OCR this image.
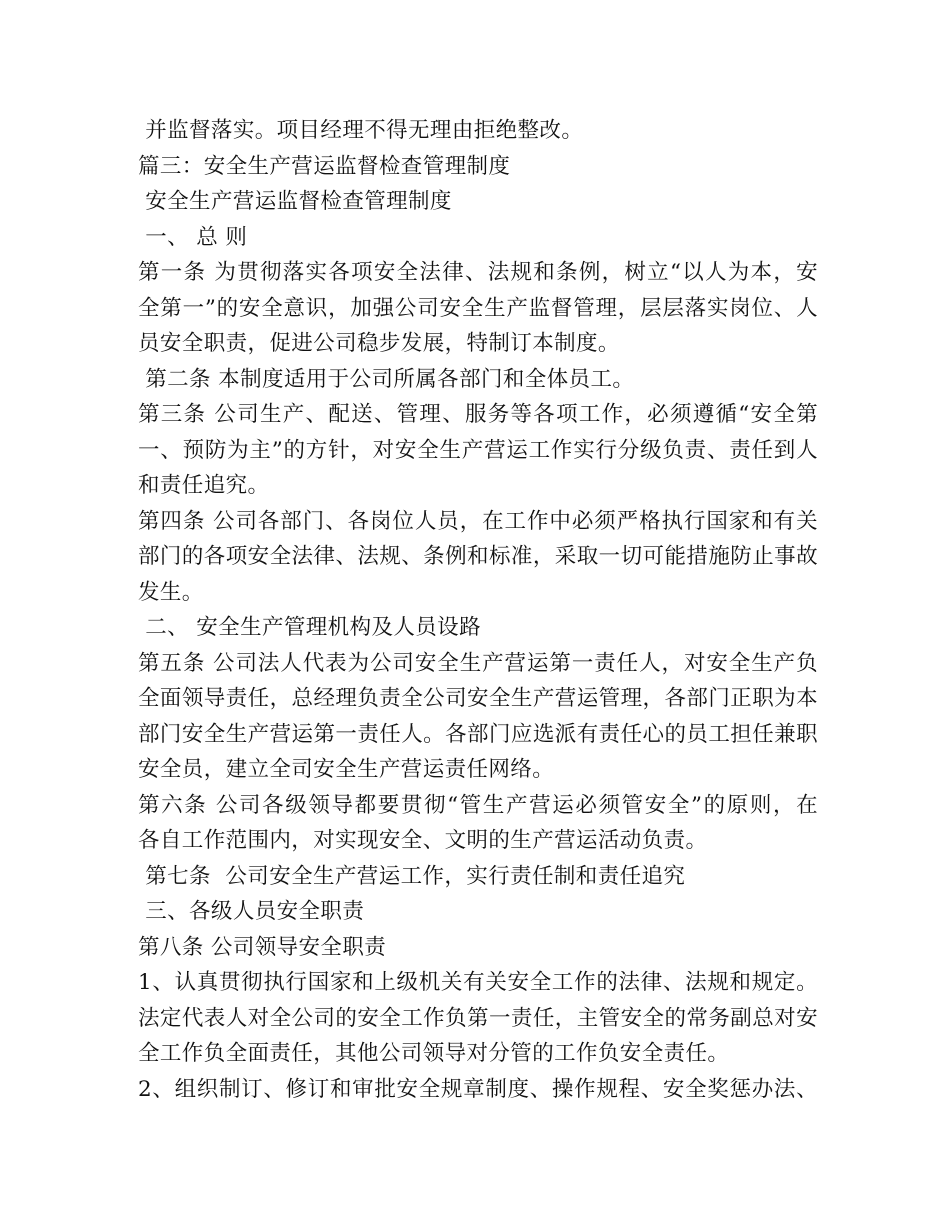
并监督落实。项目经理不得无理由拒绝整改。
篇三：安全生产营运监督检查管理制度
安全生产营运监督检查管理制度
一、 总 则
第一条 为贯彻落实各项安全法律、法规和条例，树立“以人为本，安
全第一”的安全意识，加强公司安全生产监督管理，层层落实岗位、人
员安全职责，促进公司稳步发展，特制订本制度。
第二条 本制度适用于公司所属各部门和全体员工。
第三条 公司生产、配送、管理、服务等各项工作，必须遵循“安全第
一、预防为主”的方针，对安全生产营运工作实行分级负责、责任到人
和责任追究。
第四条 公司各部门、各岗位人员，在工作中必须严格执行国家和有关
部门的各项安全法律、法规、条例和标准，采取一切可能措施防止事故
发生。
二、 安全生产管理机构及人员设路
第五条 公司法人代表为公司安全生产营运第一责任人，对安全生产负
全面领导责任，总经理负责全公司安全生产营运管理，各部门正职为本
部门安全生产营运第一责任人。各部门应选派有责任心的员工担任兼职
安全员，建立全司安全生产营运责任网络。
第六条 公司各级领导都要贯彻“管生产营运必须管安全”的原则，在
各自工作范围内，对实现安全、文明的生产营运活动负责。
第七条  公司安全生产营运工作，实行责任制和责任追究
三、各级人员安全职责
第八条 公司领导安全职责
1、认真贯彻执行国家和上级机关有关安全工作的法律、法规和规定。
法定代表人对全公司的安全工作负第一责任，主管安全的常务副总对安
全工作负全面责任，其他公司领导对分管的工作负安全责任。
2、组织制订、修订和审批安全规章制度、操作规程、安全奖惩办法、
